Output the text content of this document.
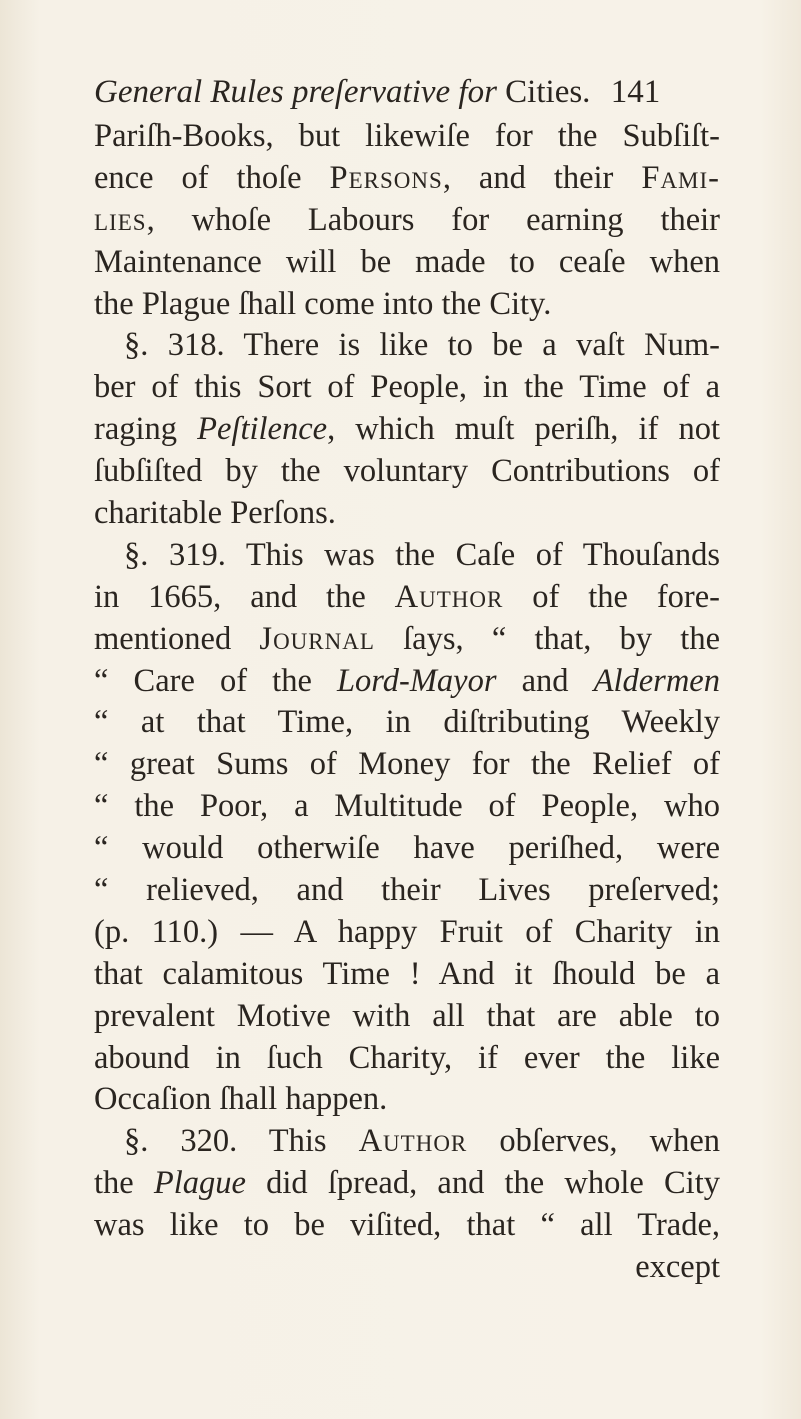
General Rules preſervative for Cities. 141
Pariſh-Books, but likewiſe for the Subſiſt-
ence of thoſe Persons, and their Fami-
lies, whoſe Labours for earning their
Maintenance will be made to ceaſe when
the Plague ſhall come into the City.
§. 318. There is like to be a vaſt Num-
ber of this Sort of People, in the Time of a
raging Peſtilence, which muſt periſh, if not
ſubſiſted by the voluntary Contributions of
charitable Perſons.
§. 319. This was the Caſe of Thouſands
in 1665, and the Author of the fore-
mentioned Journal ſays, “ that, by the
“ Care of the Lord-Mayor and Aldermen
“ at that Time, in diſtributing Weekly
“ great Sums of Money for the Relief of
“ the Poor, a Multitude of People, who
“ would otherwiſe have periſhed, were
“ relieved, and their Lives preſerved;
(p. 110.) — A happy Fruit of Charity in
that calamitous Time ! And it ſhould be a
prevalent Motive with all that are able to
abound in ſuch Charity, if ever the like
Occaſion ſhall happen.
§. 320. This Author obſerves, when
the Plague did ſpread, and the whole City
was like to be viſited, that “ all Trade,
except
